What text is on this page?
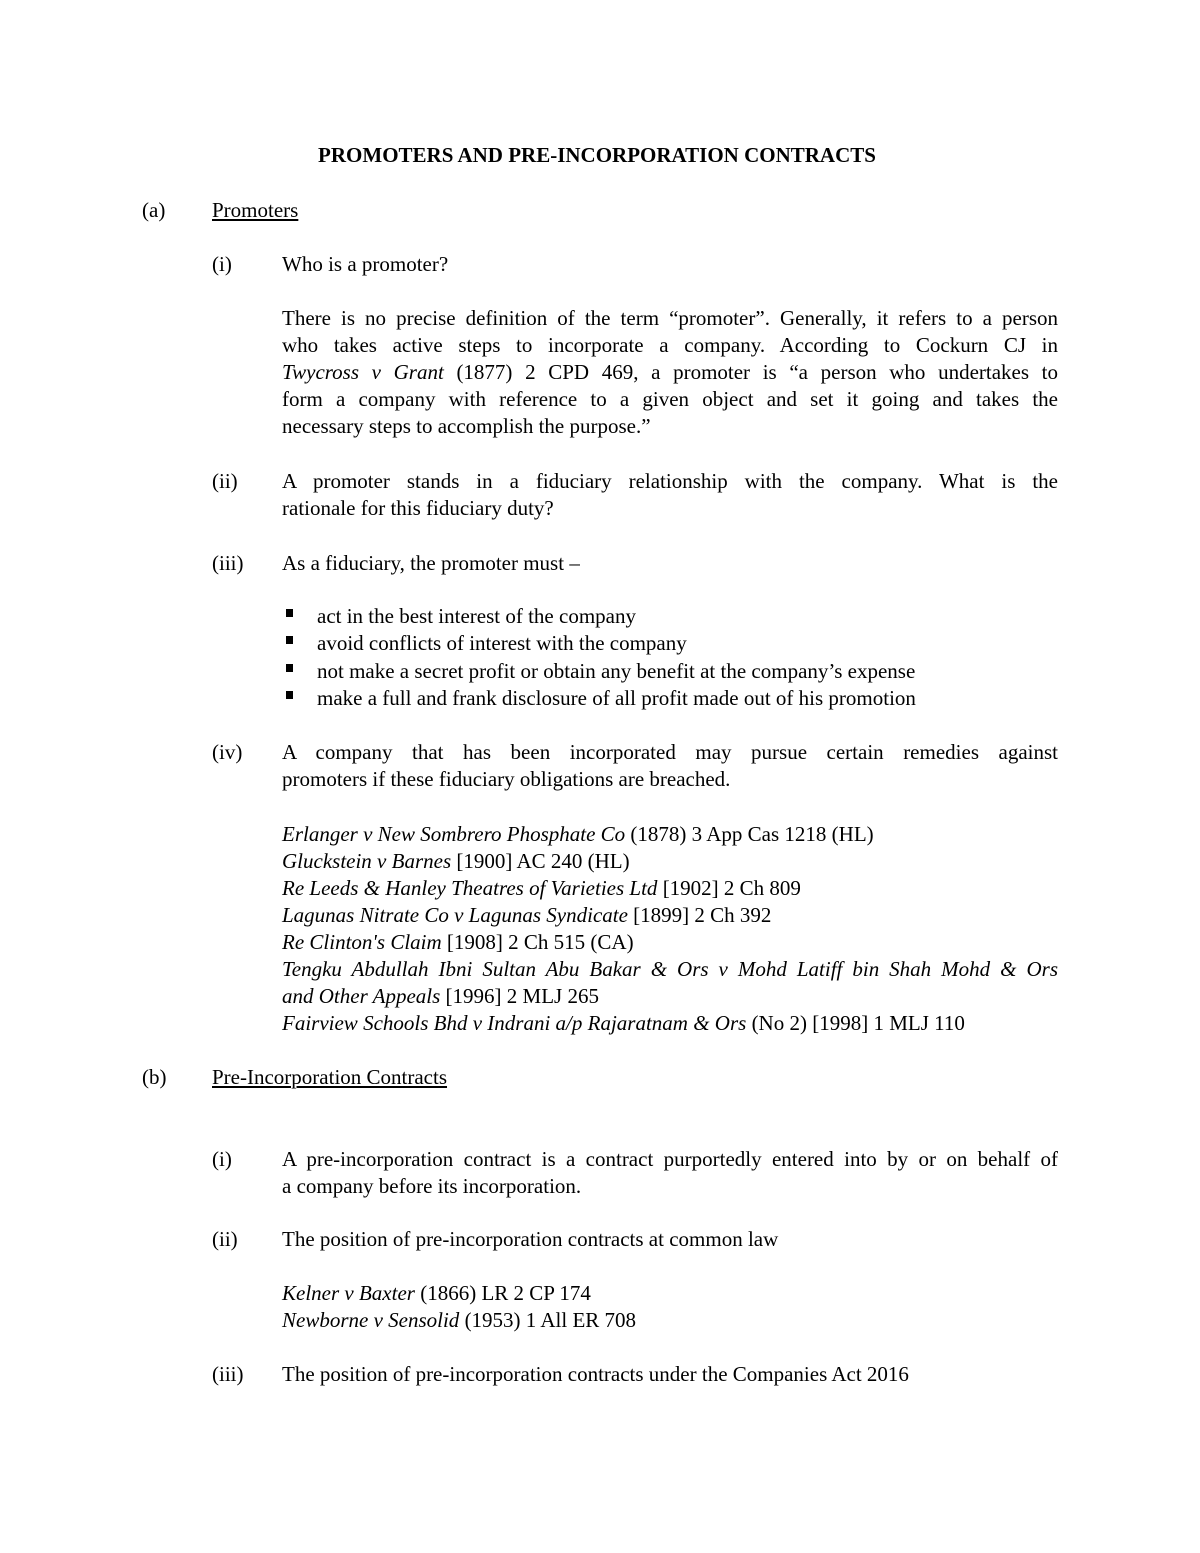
PROMOTERS AND PRE-INCORPORATION CONTRACTS
(a) Promoters
(i) Who is a promoter?
There is no precise definition of the term “promoter”. Generally, it refers to a person
who takes active steps to incorporate a company. According to Cockurn CJ in
Twycross v Grant (1877) 2 CPD 469, a promoter is “a person who undertakes to
form a company with reference to a given object and set it going and takes the
necessary steps to accomplish the purpose.”
(ii) A promoter stands in a fiduciary relationship with the company. What is the
rationale for this fiduciary duty?
(iii) As a fiduciary, the promoter must –
act in the best interest of the company
avoid conflicts of interest with the company
not make a secret profit or obtain any benefit at the company’s expense
make a full and frank disclosure of all profit made out of his promotion
(iv) A company that has been incorporated may pursue certain remedies against
promoters if these fiduciary obligations are breached.
Erlanger v New Sombrero Phosphate Co (1878) 3 App Cas 1218 (HL)
Gluckstein v Barnes [1900] AC 240 (HL)
Re Leeds & Hanley Theatres of Varieties Ltd [1902] 2 Ch 809
Lagunas Nitrate Co v Lagunas Syndicate [1899] 2 Ch 392
Re Clinton's Claim [1908] 2 Ch 515 (CA)
Tengku Abdullah Ibni Sultan Abu Bakar & Ors v Mohd Latiff bin Shah Mohd & Ors
and Other Appeals [1996] 2 MLJ 265
Fairview Schools Bhd v Indrani a/p Rajaratnam & Ors (No 2) [1998] 1 MLJ 110
(b) Pre-Incorporation Contracts
(i) A pre-incorporation contract is a contract purportedly entered into by or on behalf of
a company before its incorporation.
(ii) The position of pre-incorporation contracts at common law
Kelner v Baxter (1866) LR 2 CP 174
Newborne v Sensolid (1953) 1 All ER 708
(iii) The position of pre-incorporation contracts under the Companies Act 2016
